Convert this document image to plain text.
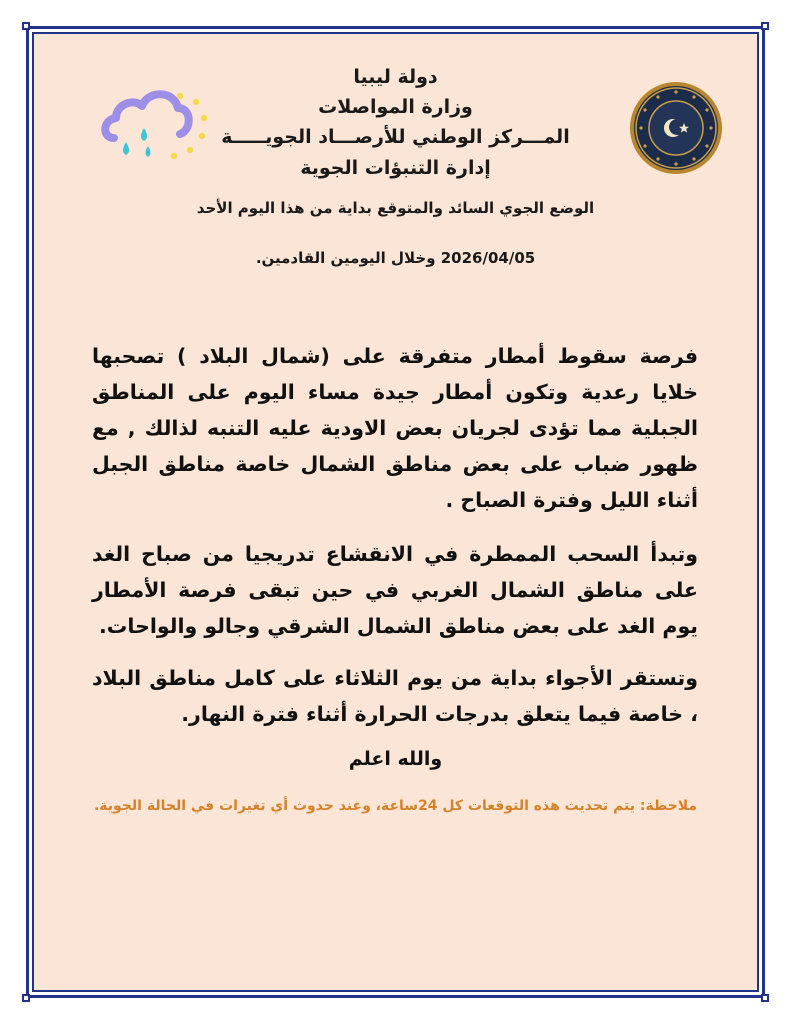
دولة ليبيا
وزارة المواصلات
المـــركز الوطني للأرصـــاد الجويـــــة
إدارة التنبؤات الجوية
الوضع الجوي السائد والمتوقع بداية من هذا اليوم الأحد
2026/04/05 وخلال اليومين القادمين.
فرصة سقوط أمطار متفرقة على (شمال البلاد ) تصحبها خلايا رعدية وتكون أمطار جيدة مساء اليوم على المناطق الجبلية مما تؤدى لجريان بعض الاودية عليه التنبه لذالك , مع ظهور ضباب على بعض مناطق الشمال خاصة مناطق الجبل أثناء الليل وفترة الصباح .
وتبدأ السحب الممطرة في الانقشاع تدريجيا من صباح الغد على مناطق الشمال الغربي في حين تبقى فرصة الأمطار يوم الغد على بعض مناطق الشمال الشرقي وجالو والواحات.
وتستقر الأجواء بداية من يوم الثلاثاء على كامل مناطق البلاد ، خاصة فيما يتعلق بدرجات الحرارة أثناء فترة النهار.
والله اعلم
ملاحظة: يتم تحديث هذه التوقعات كل 24ساعة، وعند حدوث أي تغيرات في الحالة الجوية.
